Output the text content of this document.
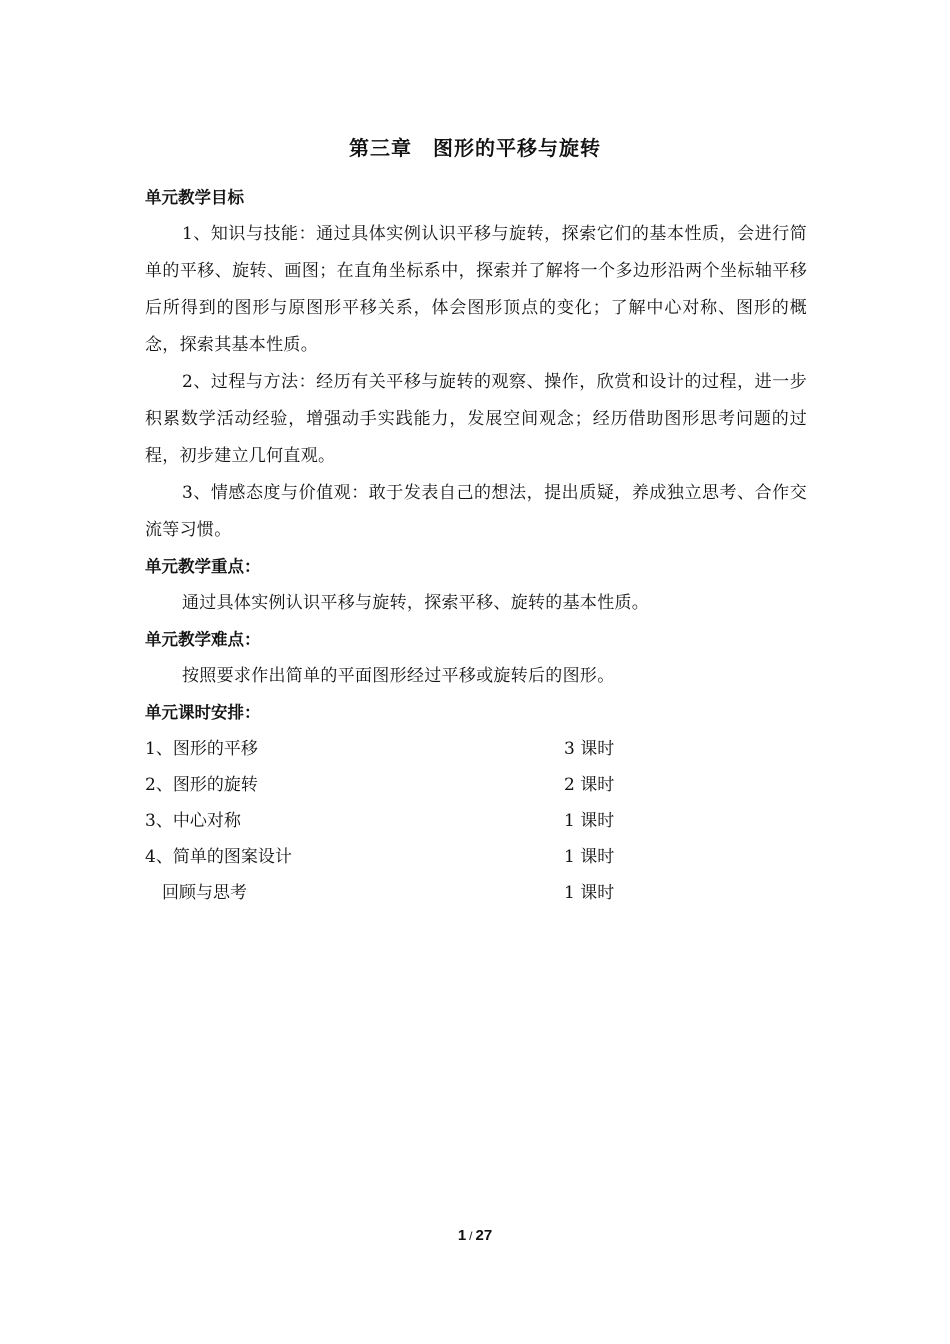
第三章　图形的平移与旋转
单元教学目标

1、知识与技能：通过具体实例认识平移与旋转，探索它们的基本性质，会进行简单的平移、旋转、画图；在直角坐标系中，探索并了解将一个多边形沿两个坐标轴平移后所得到的图形与原图形平移关系，体会图形顶点的变化；了解中心对称、图形的概念，探索其基本性质。

2、过程与方法：经历有关平移与旋转的观察、操作，欣赏和设计的过程，进一步积累数学活动经验，增强动手实践能力，发展空间观念；经历借助图形思考问题的过程，初步建立几何直观。

3、情感态度与价值观：敢于发表自己的想法，提出质疑，养成独立思考、合作交流等习惯。

单元教学重点：

通过具体实例认识平移与旋转，探索平移、旋转的基本性质。

单元教学难点：

按照要求作出简单的平面图形经过平移或旋转后的图形。

单元课时安排：
1、图形的平移	3 课时
2、图形的旋转	2 课时
3、中心对称	1 课时
4、简单的图案设计	1 课时
　回顾与思考	1 课时
1 / 27
